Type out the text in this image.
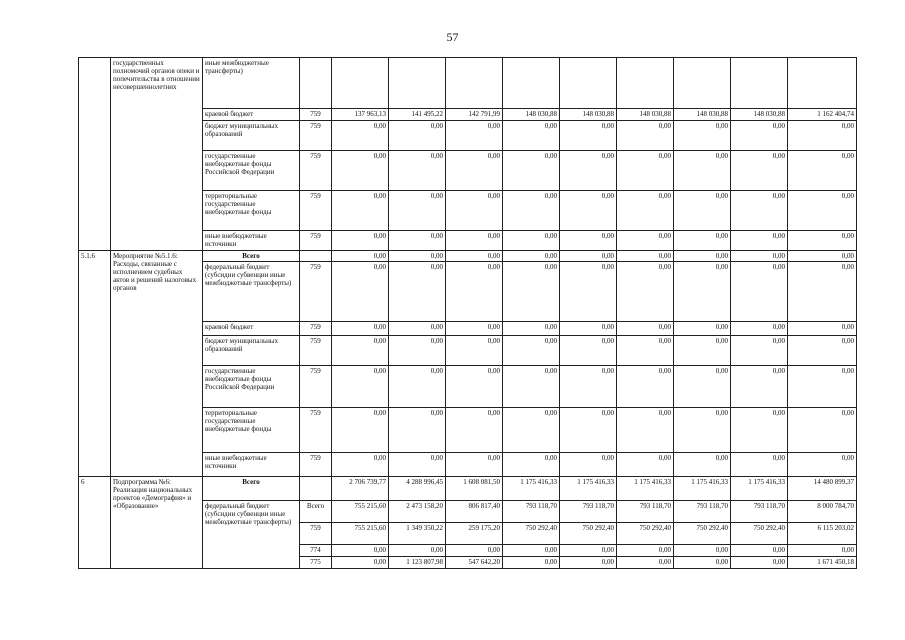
57
	государственных полномочий органов опеки и попечительства в отношении несовершеннолетних	иные межбюджетные трансферты)										
		краевой бюджет	759	137 963,13	141 495,22	142 791,99	148 030,88	148 030,88	148 030,88	148 030,88	148 030,88	1 162 404,74
		бюджет муниципальных образований	759	0,00	0,00	0,00	0,00	0,00	0,00	0,00	0,00	0,00
		государственные внебюджетные фонды Российской Федерации	759	0,00	0,00	0,00	0,00	0,00	0,00	0,00	0,00	0,00
		территориальные государственные внебюджетные фонды	759	0,00	0,00	0,00	0,00	0,00	0,00	0,00	0,00	0,00
		иные внебюджетные источники	759	0,00	0,00	0,00	0,00	0,00	0,00	0,00	0,00	0,00
5.1.6	Мероприятие №5.1.6: Расходы, связанные с исполнением судебных актов и решений налоговых органов	Всего		0,00	0,00	0,00	0,00	0,00	0,00	0,00	0,00	0,00
		федеральный бюджет (субсидии субвенции иные межбюджетные трансферты)	759	0,00	0,00	0,00	0,00	0,00	0,00	0,00	0,00	0,00
		краевой бюджет	759	0,00	0,00	0,00	0,00	0,00	0,00	0,00	0,00	0,00
		бюджет муниципальных образований	759	0,00	0,00	0,00	0,00	0,00	0,00	0,00	0,00	0,00
		государственные внебюджетные фонды Российской Федерации	759	0,00	0,00	0,00	0,00	0,00	0,00	0,00	0,00	0,00
		территориальные государственные внебюджетные фонды	759	0,00	0,00	0,00	0,00	0,00	0,00	0,00	0,00	0,00
		иные внебюджетные источники	759	0,00	0,00	0,00	0,00	0,00	0,00	0,00	0,00	0,00
6	Подпрограмма №6: Реализация национальных проектов «Демография» и «Образование»	Всего		2 706 739,77	4 288 996,45	1 608 081,50	1 175 416,33	1 175 416,33	1 175 416,33	1 175 416,33	1 175 416,33	14 480 899,37
		федеральный бюджет (субсидии субвенции иные межбюджетные трансферты)	Всего	755 215,60	2 473 158,20	806 817,40	793 118,70	793 118,70	793 118,70	793 118,70	793 118,70	8 000 784,70
			759	755 215,60	1 349 350,22	259 175,20	750 292,40	750 292,40	750 292,40	750 292,40	750 292,40	6 115 203,02
			774	0,00	0,00	0,00	0,00	0,00	0,00	0,00	0,00	0,00
			775	0,00	1 123 807,98	547 642,20	0,00	0,00	0,00	0,00	0,00	1 671 450,18
